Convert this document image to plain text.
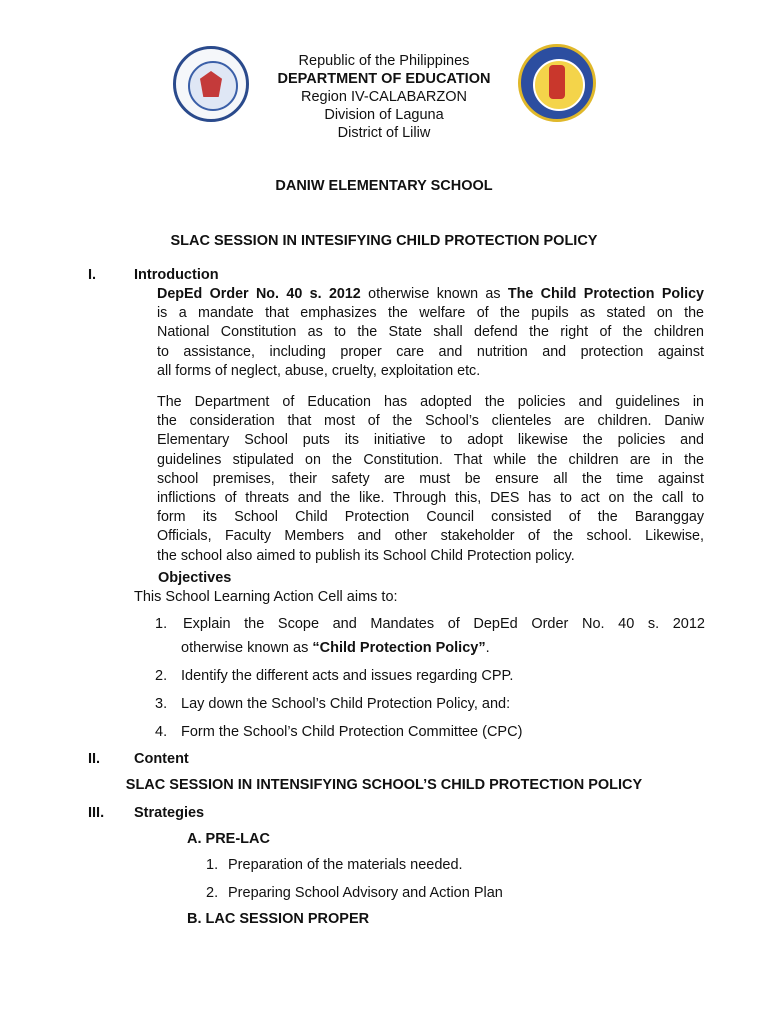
Republic of the Philippines
DEPARTMENT OF EDUCATION
Region IV-CALABARZON
Division of Laguna
District of Liliw
DANIW ELEMENTARY SCHOOL
SLAC SESSION IN INTESIFYING CHILD PROTECTION POLICY
I.	Introduction
DepEd Order No. 40 s. 2012 otherwise known as The Child Protection Policy
is a mandate that emphasizes the welfare of the pupils as stated on the
National Constitution as to the State shall defend the right of the children
to assistance, including proper care and nutrition and protection against
all forms of neglect, abuse, cruelty, exploitation etc.
The Department of Education has adopted the policies and guidelines in
the consideration that most of the School’s clienteles are children. Daniw
Elementary School puts its initiative to adopt likewise the policies and
guidelines stipulated on the Constitution. That while the children are in the
school premises, their safety are must be ensure all the time against
inflictions of threats and the like. Through this, DES has to act on the call to
form its School Child Protection Council consisted of the Baranggay
Officials, Faculty Members and other stakeholder of the school. Likewise,
the school also aimed to publish its School Child Protection policy.
Objectives
This School Learning Action Cell aims to:
1.	Explain the Scope and Mandates of DepEd Order No. 40 s. 2012
otherwise known as “Child Protection Policy”.
2. Identify the different acts and issues regarding CPP.
3. Lay down the School’s Child Protection Policy, and:
4. Form the School’s Child Protection Committee (CPC)
II. Content
SLAC SESSION IN INTENSIFYING SCHOOL’S CHILD PROTECTION POLICY
III. Strategies
A. PRE-LAC
1. Preparation of the materials needed.
2. Preparing School Advisory and Action Plan
B. LAC SESSION PROPER
